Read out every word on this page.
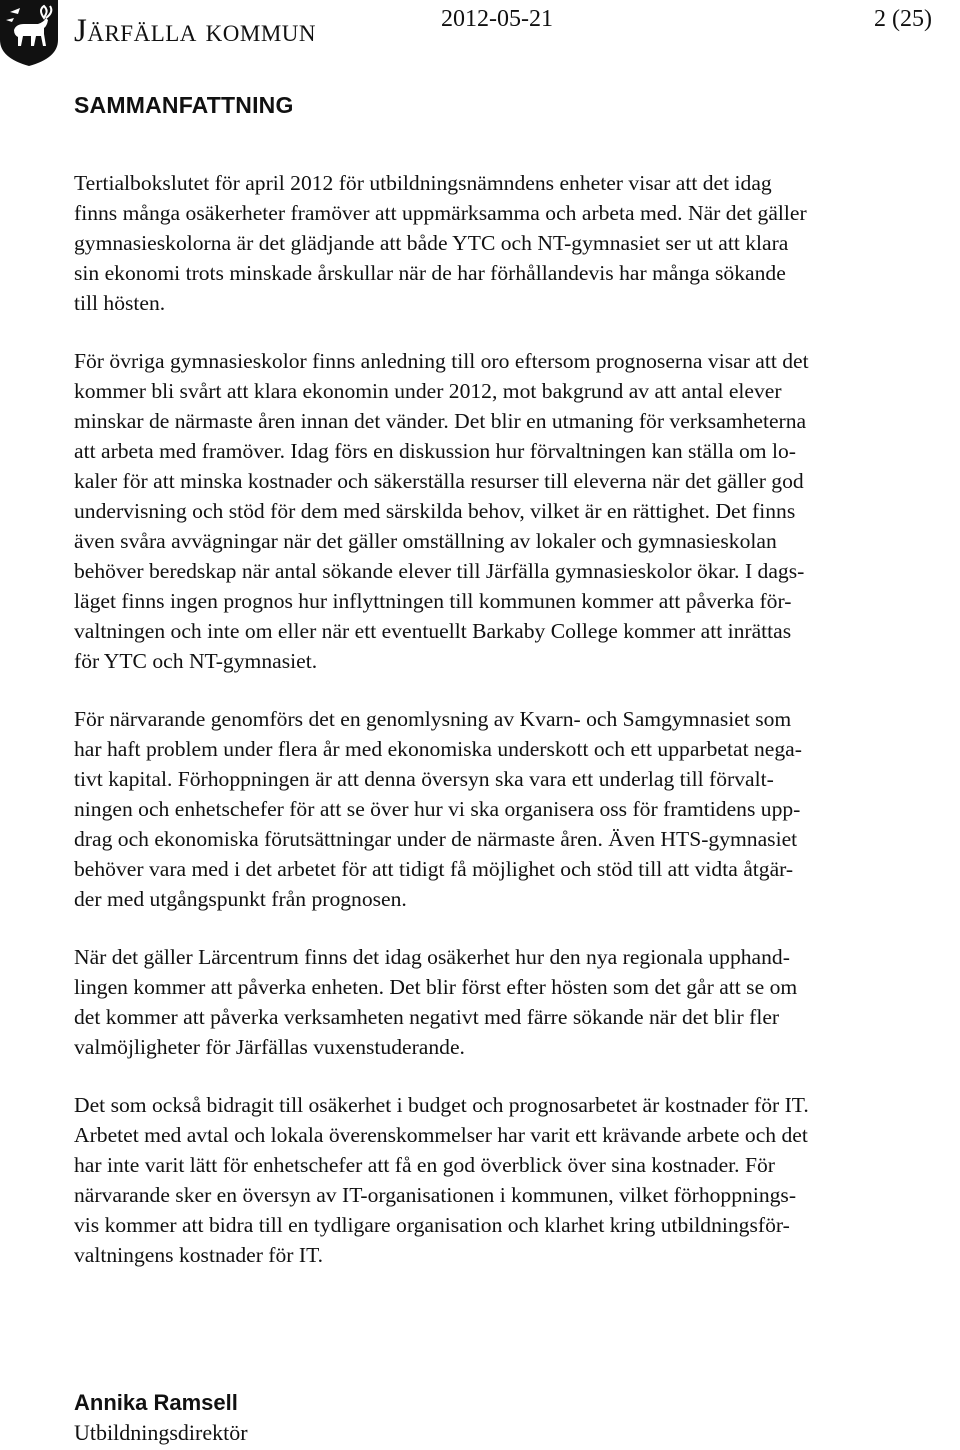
Järfälla kommun	2012-05-21	2 (25)
SAMMANFATTNING

Tertialbokslutet för april 2012 för utbildningsnämndens enheter visar att det idag
finns många osäkerheter framöver att uppmärksamma och arbeta med. När det gäller
gymnasieskolorna är det glädjande att både YTC och NT-gymnasiet ser ut att klara
sin ekonomi trots minskade årskullar när de har förhållandevis har många sökande
till hösten.

För övriga gymnasieskolor finns anledning till oro eftersom prognoserna visar att det
kommer bli svårt att klara ekonomin under 2012, mot bakgrund av att antal elever
minskar de närmaste åren innan det vänder. Det blir en utmaning för verksamheterna
att arbeta med framöver. Idag förs en diskussion hur förvaltningen kan ställa om lo-
kaler för att minska kostnader och säkerställa resurser till eleverna när det gäller god
undervisning och stöd för dem med särskilda behov, vilket är en rättighet. Det finns
även svåra avvägningar när det gäller omställning av lokaler och gymnasieskolan
behöver beredskap när antal sökande elever till Järfälla gymnasieskolor ökar. I dags-
läget finns ingen prognos hur inflyttningen till kommunen kommer att påverka för-
valtningen och inte om eller när ett eventuellt Barkaby College kommer att inrättas
för YTC och NT-gymnasiet.

För närvarande genomförs det en genomlysning av Kvarn- och Samgymnasiet som
har haft problem under flera år med ekonomiska underskott och ett upparbetat nega-
tivt kapital. Förhoppningen är att denna översyn ska vara ett underlag till förvalt-
ningen och enhetschefer för att se över hur vi ska organisera oss för framtidens upp-
drag och ekonomiska förutsättningar under de närmaste åren. Även HTS-gymnasiet
behöver vara med i det arbetet för att tidigt få möjlighet och stöd till att vidta åtgär-
der med utgångspunkt från prognosen.

När det gäller Lärcentrum finns det idag osäkerhet hur den nya regionala upphand-
lingen kommer att påverka enheten. Det blir först efter hösten som det går att se om
det kommer att påverka verksamheten negativt med färre sökande när det blir fler
valmöjligheter för Järfällas vuxenstuderande.

Det som också bidragit till osäkerhet i budget och prognosarbetet är kostnader för IT.
Arbetet med avtal och lokala överenskommelser har varit ett krävande arbete och det
har inte varit lätt för enhetschefer att få en god överblick över sina kostnader. För
närvarande sker en översyn av IT-organisationen i kommunen, vilket förhoppnings-
vis kommer att bidra till en tydligare organisation och klarhet kring utbildningsför-
valtningens kostnader för IT.

Annika Ramsell
Utbildningsdirektör
